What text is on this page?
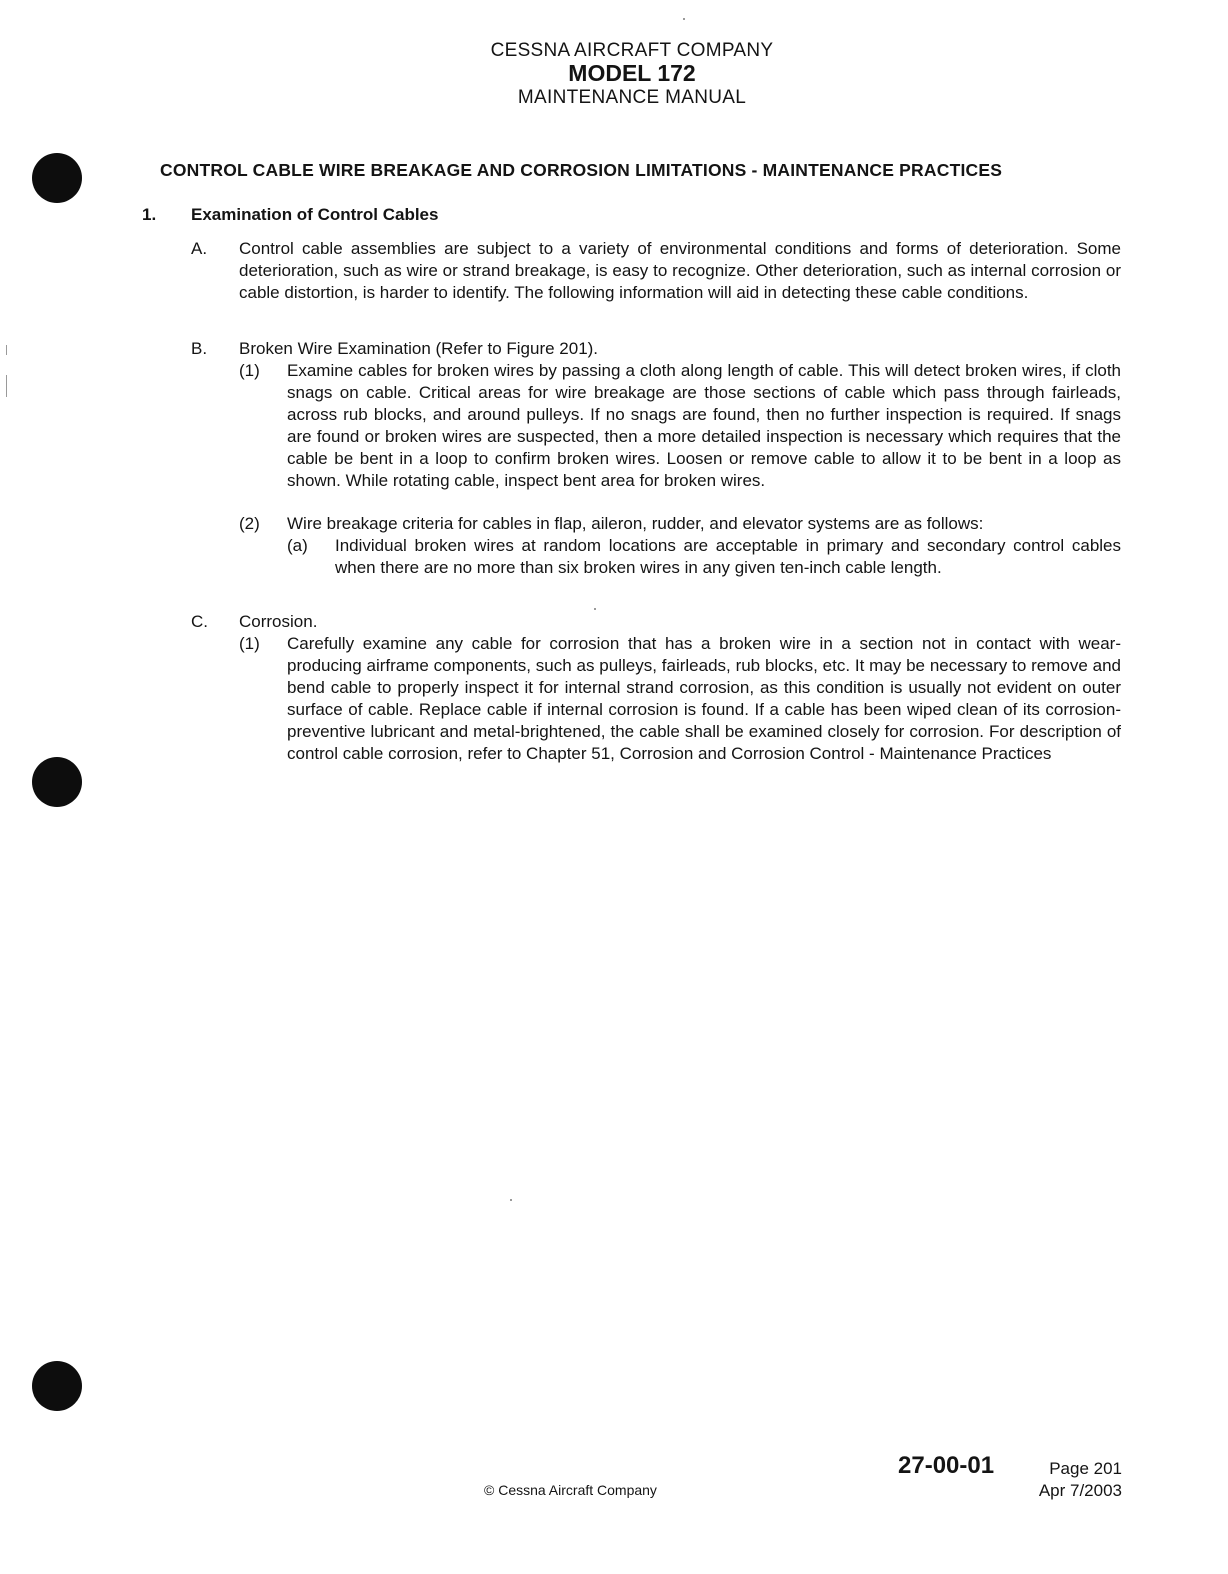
CESSNA AIRCRAFT COMPANY
MODEL 172
MAINTENANCE MANUAL
CONTROL CABLE WIRE BREAKAGE AND CORROSION LIMITATIONS - MAINTENANCE PRACTICES
1. Examination of Control Cables
A. Control cable assemblies are subject to a variety of environmental conditions and forms of deterioration. Some deterioration, such as wire or strand breakage, is easy to recognize. Other deterioration, such as internal corrosion or cable distortion, is harder to identify. The following information will aid in detecting these cable conditions.
B. Broken Wire Examination (Refer to Figure 201).
(1) Examine cables for broken wires by passing a cloth along length of cable. This will detect broken wires, if cloth snags on cable. Critical areas for wire breakage are those sections of cable which pass through fairleads, across rub blocks, and around pulleys. If no snags are found, then no further inspection is required. If snags are found or broken wires are suspected, then a more detailed inspection is necessary which requires that the cable be bent in a loop to confirm broken wires. Loosen or remove cable to allow it to be bent in a loop as shown. While rotating cable, inspect bent area for broken wires.
(2) Wire breakage criteria for cables in flap, aileron, rudder, and elevator systems are as follows:
(a) Individual broken wires at random locations are acceptable in primary and secondary control cables when there are no more than six broken wires in any given ten-inch cable length.
C. Corrosion.
(1) Carefully examine any cable for corrosion that has a broken wire in a section not in contact with wear-producing airframe components, such as pulleys, fairleads, rub blocks, etc. It may be necessary to remove and bend cable to properly inspect it for internal strand corrosion, as this condition is usually not evident on outer surface of cable. Replace cable if internal corrosion is found. If a cable has been wiped clean of its corrosion-preventive lubricant and metal-brightened, the cable shall be examined closely for corrosion. For description of control cable corrosion, refer to Chapter 51, Corrosion and Corrosion Control - Maintenance Practices
27-00-01	Page 201
Apr 7/2003
© Cessna Aircraft Company
